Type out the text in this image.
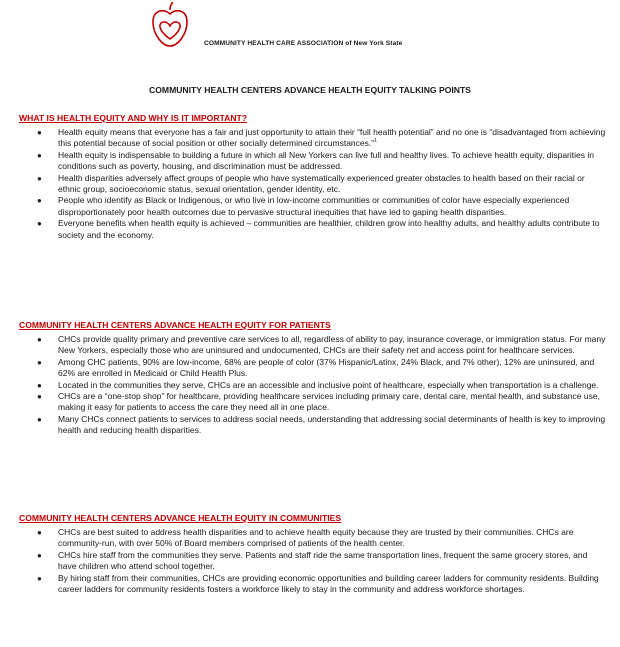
COMMUNITY HEALTH CARE ASSOCIATION of New York State
COMMUNITY HEALTH CENTERS ADVANCE HEALTH EQUITY TALKING POINTS
WHAT IS HEALTH EQUITY AND WHY IS IT IMPORTANT?
● Health equity means that everyone has a fair and just opportunity to attain their “full health potential” and no one is “disadvantaged from achieving this potential because of social position or other socially determined circumstances.”$^1$
● Health equity is indispensable to building a future in which all New Yorkers can live full and healthy lives. To achieve health equity, disparities in conditions such as poverty, housing, and discrimination must be addressed.
● Health disparities adversely affect groups of people who have systematically experienced greater obstacles to health based on their racial or ethnic group, socioeconomic status, sexual orientation, gender identity, etc.
● People who identify as Black or Indigenous, or who live in low-income communities or communities of color have especially experienced disproportionately poor health outcomes due to pervasive structural inequities that have led to gaping health disparities.
● Everyone benefits when health equity is achieved – communities are healthier, children grow into healthy adults, and healthy adults contribute to society and the economy.
COMMUNITY HEALTH CENTERS ADVANCE HEALTH EQUITY FOR PATIENTS
● CHCs provide quality primary and preventive care services to all, regardless of ability to pay, insurance coverage, or immigration status. For many New Yorkers, especially those who are uninsured and undocumented, CHCs are their safety net and access point for healthcare services.
● Among CHC patients, 90% are low-income, 68% are people of color (37% Hispanic/Latinx, 24% Black, and 7% other), 12% are uninsured, and 62% are enrolled in Medicaid or Child Health Plus.
● Located in the communities they serve, CHCs are an accessible and inclusive point of healthcare, especially when transportation is a challenge.
● CHCs are a “one-stop shop” for healthcare, providing healthcare services including primary care, dental care, mental health, and substance use, making it easy for patients to access the care they need all in one place.
● Many CHCs connect patients to services to address social needs, understanding that addressing social determinants of health is key to improving health and reducing health disparities.
COMMUNITY HEALTH CENTERS ADVANCE HEALTH EQUITY IN COMMUNITIES
● CHCs are best suited to address health disparities and to achieve health equity because they are trusted by their communities. CHCs are community-run, with over 50% of Board members comprised of patients of the health center.
● CHCs hire staff from the communities they serve. Patients and staff ride the same transportation lines, frequent the same grocery stores, and have children who attend school together.
● By hiring staff from their communities, CHCs are providing economic opportunities and building career ladders for community residents. Building career ladders for community residents fosters a workforce likely to stay in the community and address workforce shortages.
